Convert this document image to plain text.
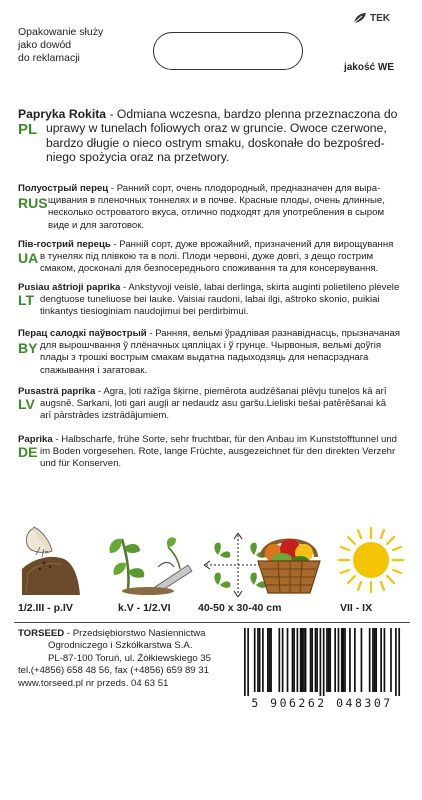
Opakowanie służy
jako dowód
do reklamacji
TEK
jakość WE
Papryka Rokita - Odmiana wczesna, bardzo plenna przeznaczona do
uprawy w tunelach foliowych oraz w gruncie. Owoce czerwone,
bardzo długie o nieco ostrym smaku, doskonałe do bezpośred-
niego spożycia oraz na przetwory.
PL
Полуострый перец - Ранний сорт, очень плодородный, предназначен для выра-
щивания в пленочных тоннелях и в почве. Красные плоды, очень длинные,
несколько островатого вкуса, отлично подходят для употребления в сыром
виде и для заготовок.
RUS
Пів-гострий перець - Ранній сорт, дуже врожайний, призначений для вирощування
в тунелях під плівкою та в полі. Плоди червоні, дуже довгі, з дещо гострим
смаком, досконалі для безпосереднього споживання та для консервування.
UA
Pusiau aštrioji paprika - Ankstyvoji veislė, labai derlinga, skirta auginti polietileno plėvele
dengtuose tuneliuose bei lauke. Vaisiai raudoni, labai ilgi, aštroko skonio, puikiai
tinkantys tiesioginiam naudojimui bei perdirbimui.
LT
Перац салодкі паўвострый - Ранняя, вельмі ўрадлівая разнавіднасць, прызначаная
для вырошчвання ў плёначных цяпліцах і ў грунце. Чырвоныя, вельмі доўгія
плады з трошкі вострым смакам выдатна падыходзяць для непасрэднага
спажывання і загатовак.
BY
Pusasträ paprika - Agra, ļoti ražīga šķirne, piemērota audzēšanai plēvju tuneļos kā arī
augsnē. Sarkani, ļoti gari augļi ar nedaudz asu garšu.Lieliski tiešai patērēšanai kā
arī pārstrādes izstrādājumiem.
LV
Paprika - Halbscharfe, frühe Sorte, sehr fruchtbar, für den Anbau im Kunststofftunnel und
im Boden vorgesehen. Rote, lange Früchte, ausgezeichnet für den direkten Verzehr
und für Konserven.
DE
1/2.III - p.IV	k.V - 1/2.VI	40-50 x 30-40 cm	VII - IX
TORSEED - Przedsiębiorstwo Nasiennictwa
Ogrodniczego i Szkółkarstwa S.A.
PL-87-100 Toruń, ul. Żółkiewskiego 35
tel.(+4856) 658 48 56, fax (+4856) 659 89 31
www.torseed.pl nr przeds. 04 63 51
5 906262 048307
